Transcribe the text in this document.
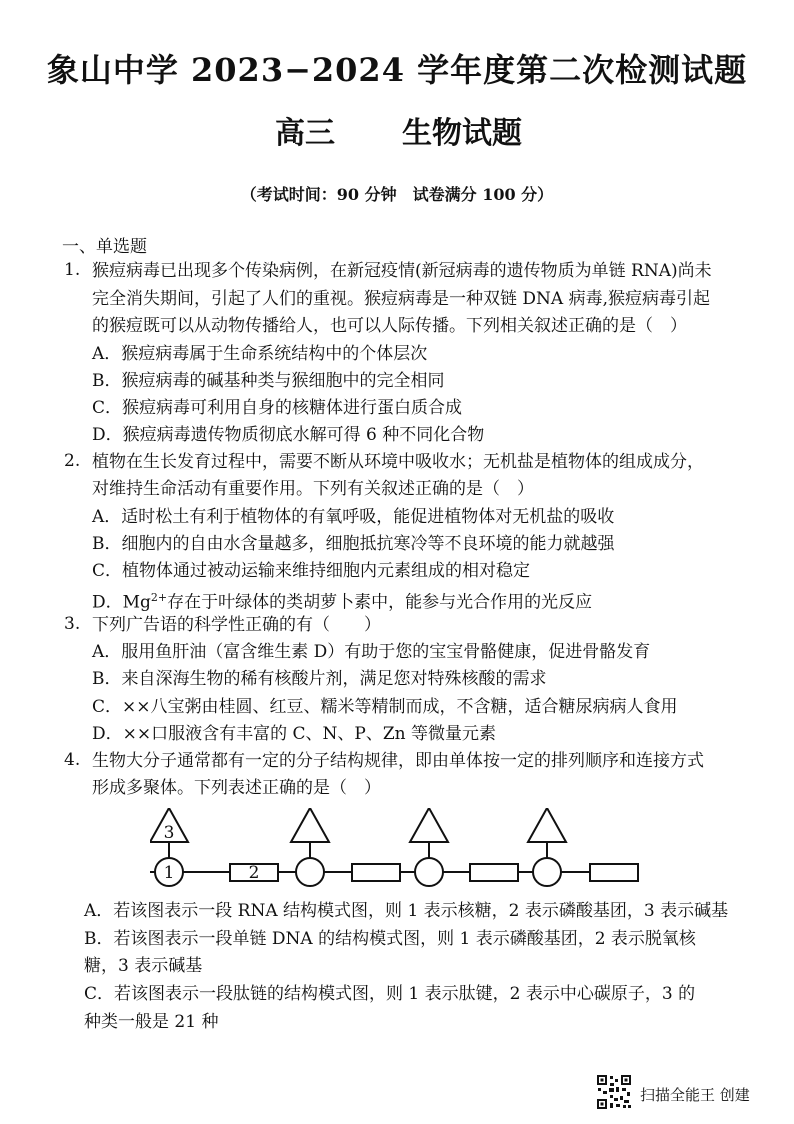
象山中学 2023−2024 学年度第二次检测试题
高三 生物试题
（考试时间：90 分钟　试卷满分 100 分）
一、单选题
1. 猴痘病毒已出现多个传染病例，在新冠疫情(新冠病毒的遗传物质为单链 RNA)尚未
完全消失期间，引起了人们的重视。猴痘病毒是一种双链 DNA 病毒,猴痘病毒引起
的猴痘既可以从动物传播给人，也可以人际传播。下列相关叙述正确的是（　）
A．猴痘病毒属于生命系统结构中的个体层次
B．猴痘病毒的碱基种类与猴细胞中的完全相同
C．猴痘病毒可利用自身的核糖体进行蛋白质合成
D．猴痘病毒遗传物质彻底水解可得 6 种不同化合物
2. 植物在生长发育过程中，需要不断从环境中吸收水；无机盐是植物体的组成成分，
对维持生命活动有重要作用。下列有关叙述正确的是（　）
A．适时松土有利于植物体的有氧呼吸，能促进植物体对无机盐的吸收
B．细胞内的自由水含量越多，细胞抵抗寒冷等不良环境的能力就越强
C．植物体通过被动运输来维持细胞内元素组成的相对稳定
D．$Mg^{2+}$存在于叶绿体的类胡萝卜素中，能参与光合作用的光反应
3. 下列广告语的科学性正确的有（　　）
A．服用鱼肝油（富含维生素 D）有助于您的宝宝骨骼健康，促进骨骼发育
B．来自深海生物的稀有核酸片剂，满足您对特殊核酸的需求
C．××八宝粥由桂圆、红豆、糯米等精制而成，不含糖，适合糖尿病病人食用
D．××口服液含有丰富的 C、N、P、Zn 等微量元素
4. 生物大分子通常都有一定的分子结构规律，即由单体按一定的排列顺序和连接方式
形成多聚体。下列表述正确的是（　）
1	2
3
A．若该图表示一段 RNA 结构模式图，则 1 表示核糖，2 表示磷酸基团，3 表示碱基
B．若该图表示一段单链 DNA 的结构模式图，则 1 表示磷酸基团，2 表示脱氧核
糖，3 表示碱基
C．若该图表示一段肽链的结构模式图，则 1 表示肽键，2 表示中心碳原子，3 的
种类一般是 21 种
扫描全能王 创建
